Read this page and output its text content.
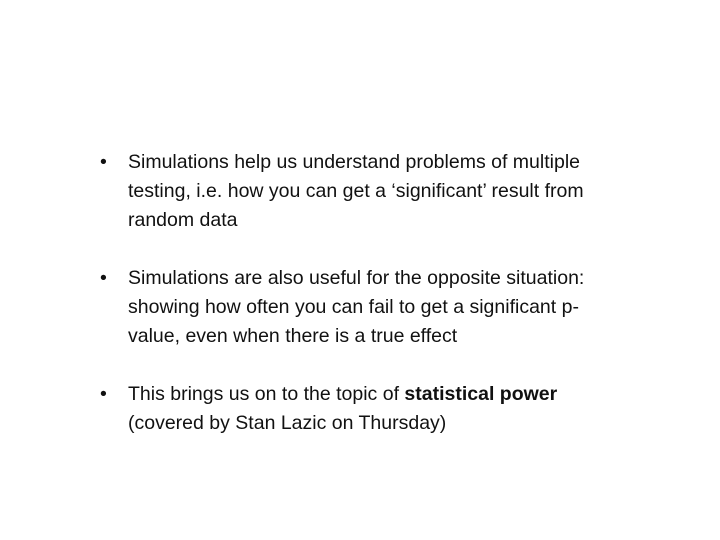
•	Simulations help us understand problems of multiple testing, i.e. how you can get a ‘significant’ result from random data
•	Simulations are also useful for the opposite situation: showing how often you can fail to get a significant p-value, even when there is a true effect
•	This brings us on to the topic of statistical power (covered by Stan Lazic on Thursday)
